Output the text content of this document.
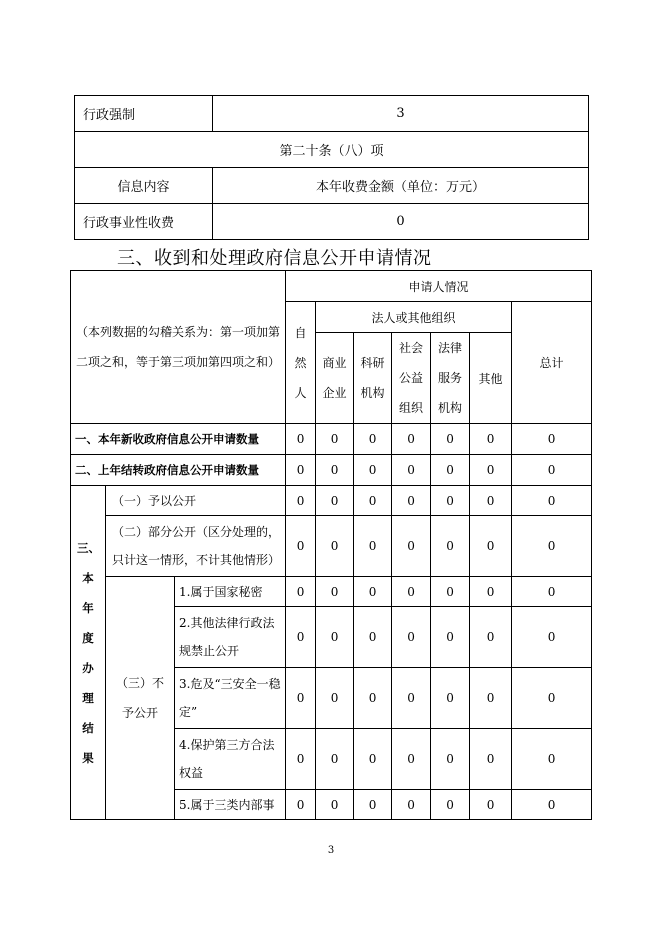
行政强制	3
第二十条（八）项	
信息内容	本年收费金额（单位：万元）
行政事业性收费	0
三、收到和处理政府信息公开申请情况
（本列数据的勾稽关系为：第一项加第二项之和，等于第三项加第四项之和）			申请人情况						
			自然人	法人或其他组织					总计
				商业企业	科研机构	社会公益组织	法律服务机构	其他	
一、本年新收政府信息公开申请数量			0	0	0	0	0	0	0
二、上年结转政府信息公开申请数量			0	0	0	0	0	0	0
三、本年度办理结果	（一）予以公开		0	0	0	0	0	0	0
	（二）部分公开（区分处理的，只计这一情形，不计其他情形）		0	0	0	0	0	0	0
	（三）不予公开	1.属于国家秘密	0	0	0	0	0	0	0
		2.其他法律行政法规禁止公开	0	0	0	0	0	0	0
		3.危及“三安全一稳定”	0	0	0	0	0	0	0
		4.保护第三方合法权益	0	0	0	0	0	0	0
		5.属于三类内部事	0	0	0	0	0	0	0
3
